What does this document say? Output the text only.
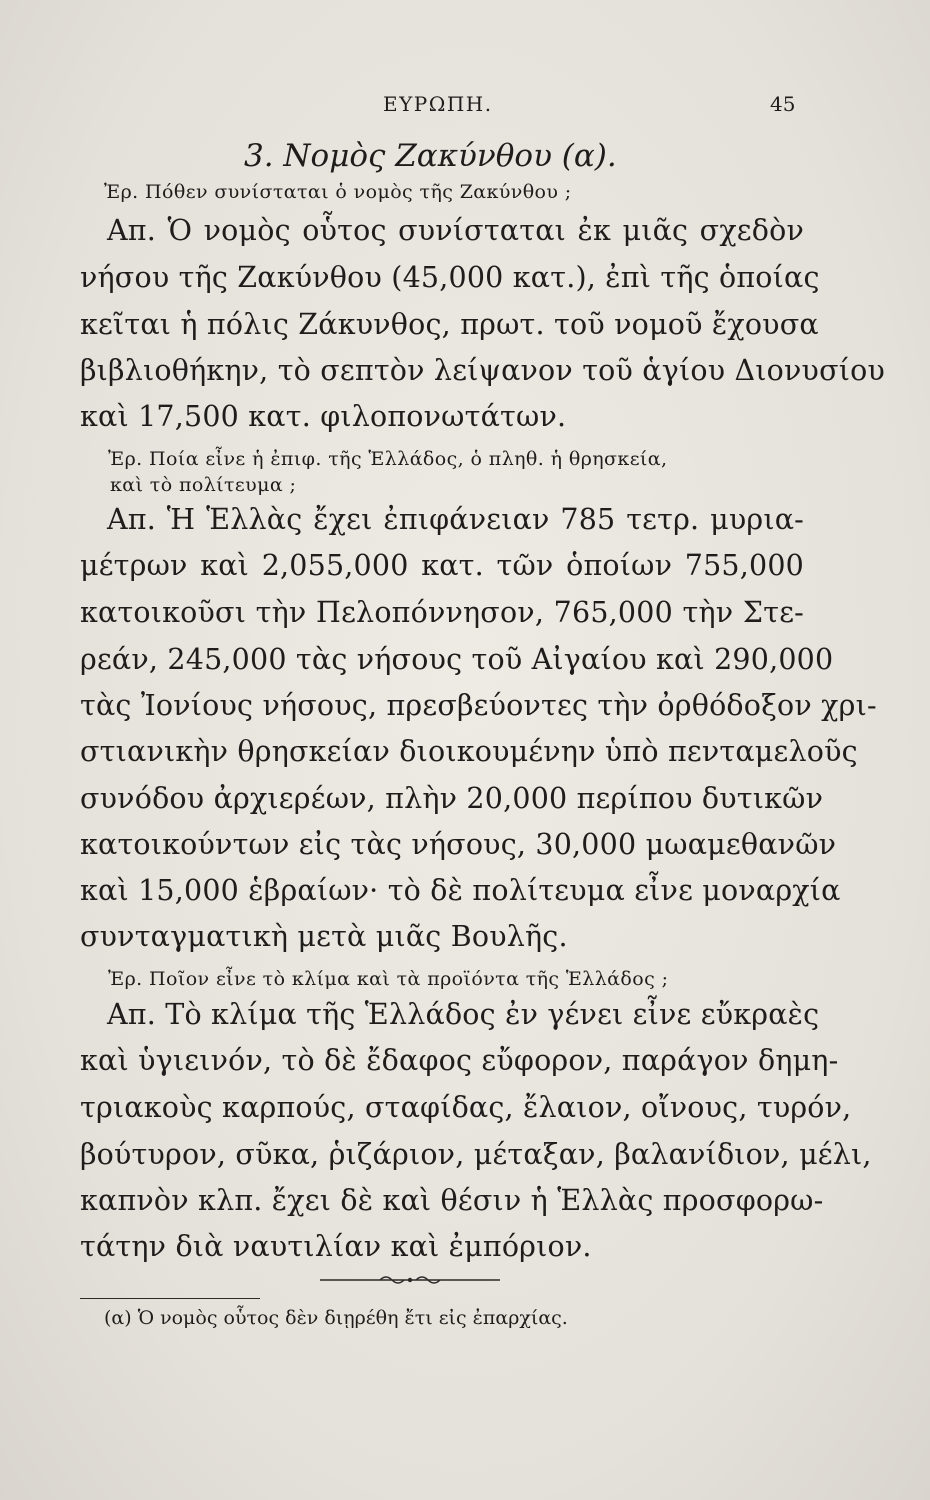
ΕΥΡΩΠΗ.	45
3. Νομὸς Ζακύνθου (α).
Ἐρ. Πόθεν συνίσταται ὁ νομὸς τῆς Ζακύνθου ;
Απ. Ὁ νομὸς οὗτος συνίσταται ἐκ μιᾶς σχεδὸν
νήσου τῆς Ζακύνθου (45,000 κατ.), ἐπὶ τῆς ὁποίας
κεῖται ἡ πόλις Ζάκυνθος, πρωτ. τοῦ νομοῦ ἔχουσα
βιβλιοθήκην, τὸ σεπτὸν λείψανον τοῦ ἁγίου Διονυσίου
καὶ 17,500 κατ. φιλοπονωτάτων.
Ἐρ. Ποία εἶνε ἡ ἐπιφ. τῆς Ἑλλάδος, ὁ πληθ. ἡ θρησκεία,
καὶ τὸ πολίτευμα ;
Απ. Ἡ Ἑλλὰς ἔχει ἐπιφάνειαν 785 τετρ. μυρια-
μέτρων καὶ 2,055,000 κατ. τῶν ὁποίων 755,000
κατοικοῦσι τὴν Πελοπόννησον, 765,000 τὴν Στε-
ρεάν, 245,000 τὰς νήσους τοῦ Αἰγαίου καὶ 290,000
τὰς Ἰονίους νήσους, πρεσβεύοντες τὴν ὀρθόδοξον χρι-
στιανικὴν θρησκείαν διοικουμένην ὑπὸ πενταμελοῦς
συνόδου ἀρχιερέων, πλὴν 20,000 περίπου δυτικῶν
κατοικούντων εἰς τὰς νήσους, 30,000 μωαμεθανῶν
καὶ 15,000 ἑβραίων· τὸ δὲ πολίτευμα εἶνε μοναρχία
συνταγματικὴ μετὰ μιᾶς Βουλῆς.
Ἐρ. Ποῖον εἶνε τὸ κλίμα καὶ τὰ προϊόντα τῆς Ἑλλάδος ;
Απ. Τὸ κλίμα τῆς Ἑλλάδος ἐν γένει εἶνε εὔκραὲς
καὶ ὑγιεινόν, τὸ δὲ ἔδαφος εὔφορον, παράγον δημη-
τριακοὺς καρπούς, σταφίδας, ἔλαιον, οἴνους, τυρόν,
βούτυρον, σῦκα, ῥιζάριον, μέταξαν, βαλανίδιον, μέλι,
καπνὸν κλπ. ἔχει δὲ καὶ θέσιν ἡ Ἑλλὰς προσφορω-
τάτην διὰ ναυτιλίαν καὶ ἐμπόριον.
(α) Ὁ νομὸς οὗτος δὲν διῃρέθη ἔτι εἰς ἐπαρχίας.
